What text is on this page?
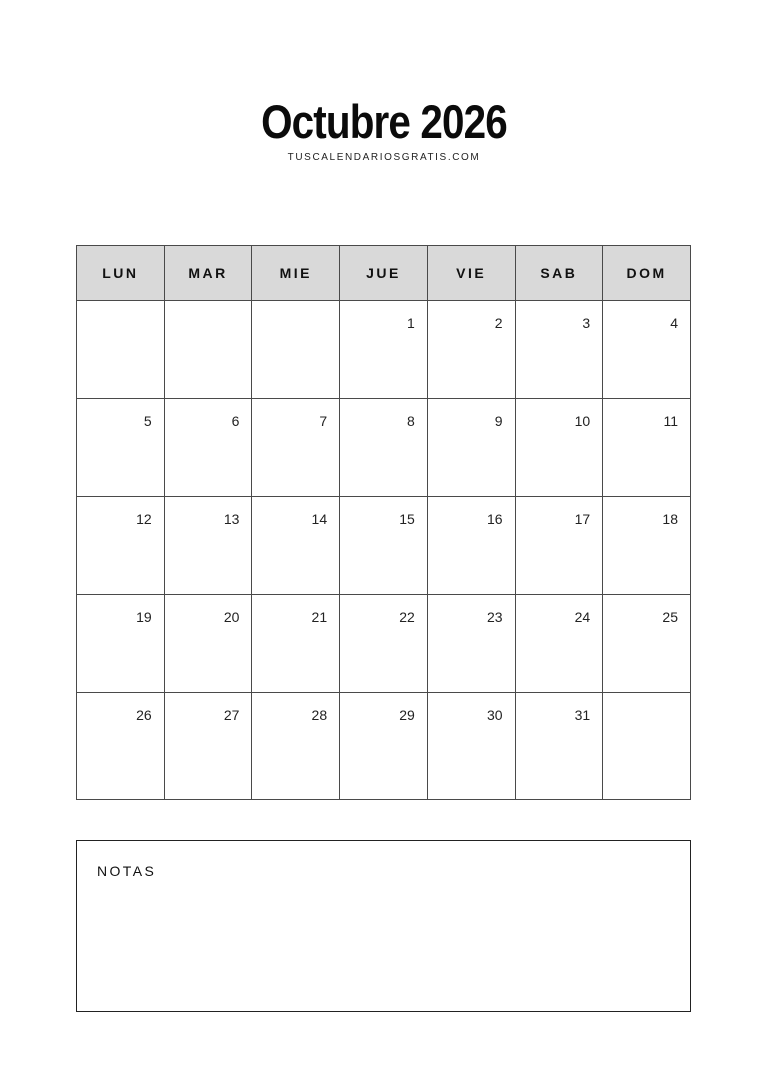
Octubre 2026
TUSCALENDARIOSGRATIS.COM
LUN	MAR	MIE	JUE	VIE	SAB	DOM

			1	2	3	4

5	6	7	8	9	10	11

12	13	14	15	16	17	18

19	20	21	22	23	24	25

26	27	28	29	30	31	

NOTAS
